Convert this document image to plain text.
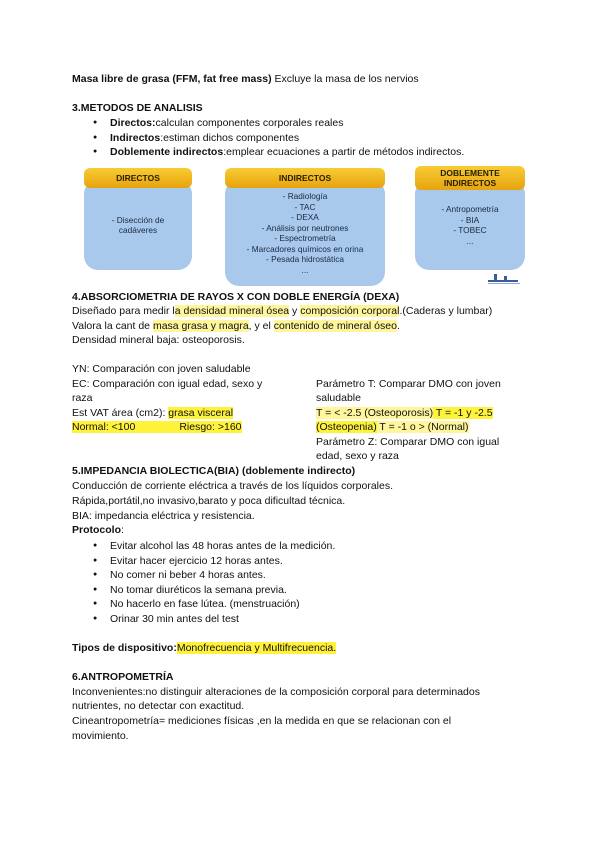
Masa libre de grasa (FFM, fat free mass) Excluye la masa de los nervios
3.METODOS DE ANALISIS
● Directos:calculan componentes corporales reales
● Indirectos:estiman dichos componentes
● Doblemente indirectos:emplear ecuaciones a partir de métodos indirectos.
- Disección de
cadáveres
DIRECTOS
- Radiología
- TAC
- DEXA
- Análisis por neutrones
- Espectrometría
- Marcadores químicos en orina
- Pesada hidrostática
...
INDIRECTOS
- Antropometría
- BIA
- TOBEC
...
DOBLEMENTE
INDIRECTOS
4.ABSORCIOMETRIA DE RAYOS X CON DOBLE ENERGÍA (DEXA)
Diseñado para medir la densidad mineral ósea y composición corporal.(Caderas y lumbar)
Valora la cant de masa grasa y magra, y el contenido de mineral óseo.
Densidad mineral baja: osteoporosis.
YN: Comparación con joven saludable
EC: Comparación con igual edad, sexo y
raza
Est VAT área (cm2): grasa visceral
Normal: <100	Riesgo: >160
Parámetro T: Comparar DMO con joven
saludable
T = < -2.5 (Osteoporosis) T = -1 y -2.5
(Osteopenia) T = -1 o > (Normal)
Parámetro Z: Comparar DMO con igual
edad, sexo y raza
5.IMPEDANCIA BIOLECTICA(BIA) (doblemente indirecto)
Conducción de corriente eléctrica a través de los líquidos corporales.
Rápida,portátil,no invasivo,barato y poca dificultad técnica.
BIA: impedancia eléctrica y resistencia.
Protocolo:
● Evitar alcohol las 48 horas antes de la medición.
● Evitar hacer ejercicio 12 horas antes.
● No comer ni beber 4 horas antes.
● No tomar diuréticos la semana previa.
● No hacerlo en fase lútea. (menstruación)
● Orinar 30 min antes del test
Tipos de dispositivo:Monofrecuencia y Multifrecuencia.
6.ANTROPOMETRÍA
Inconvenientes:no distinguir alteraciones de la composición corporal para determinados
nutrientes, no detectar con exactitud.
Cineantropometría= mediciones físicas ,en la medida en que se relacionan con el
movimiento.
